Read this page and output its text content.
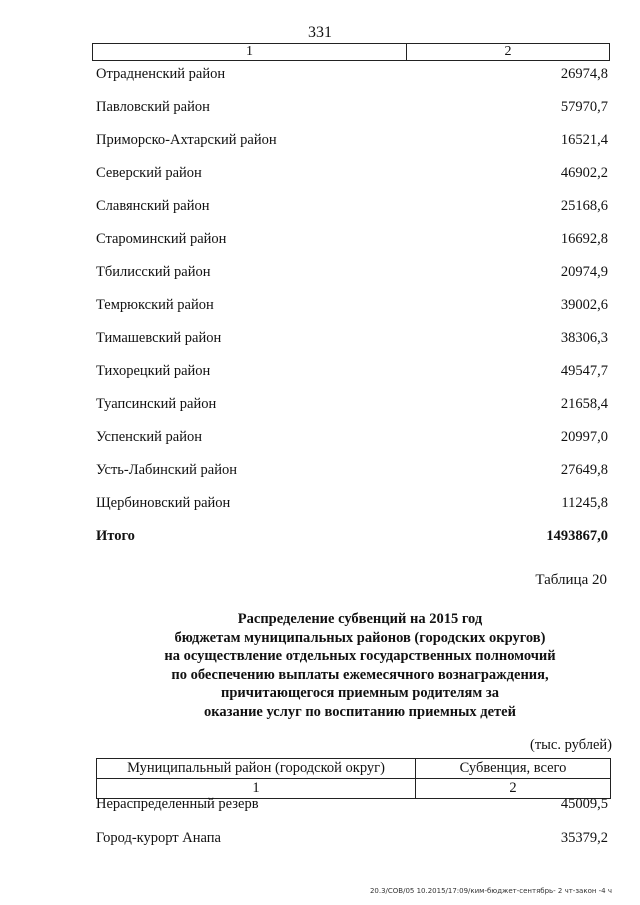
331
1	2
Отрадненский район	26974,8
Павловский район	57970,7
Приморско-Ахтарский район	16521,4
Северский район	46902,2
Славянский район	25168,6
Староминский район	16692,8
Тбилисский район	20974,9
Темрюкский район	39002,6
Тимашевский район	38306,3
Тихорецкий район	49547,7
Туапсинский район	21658,4
Успенский район	20997,0
Усть-Лабинский район	27649,8
Щербиновский район	11245,8
Итого	1493867,0
Таблица 20
Распределение субвенций на 2015 год
бюджетам муниципальных районов (городских округов)
на осуществление отдельных государственных полномочий
по обеспечению выплаты ежемесячного вознаграждения,
причитающегося приемным родителям за
оказание услуг по воспитанию приемных детей
(тыс. рублей)
Муниципальный район (городской округ)	Субвенция, всего
1	2
Нераспределенный резерв	45009,5
Город-курорт Анапа	35379,2
20.3/СОВ/05 10.2015/17:09/ким-бюджет-сентябрь- 2 чт-закон -4 ч
